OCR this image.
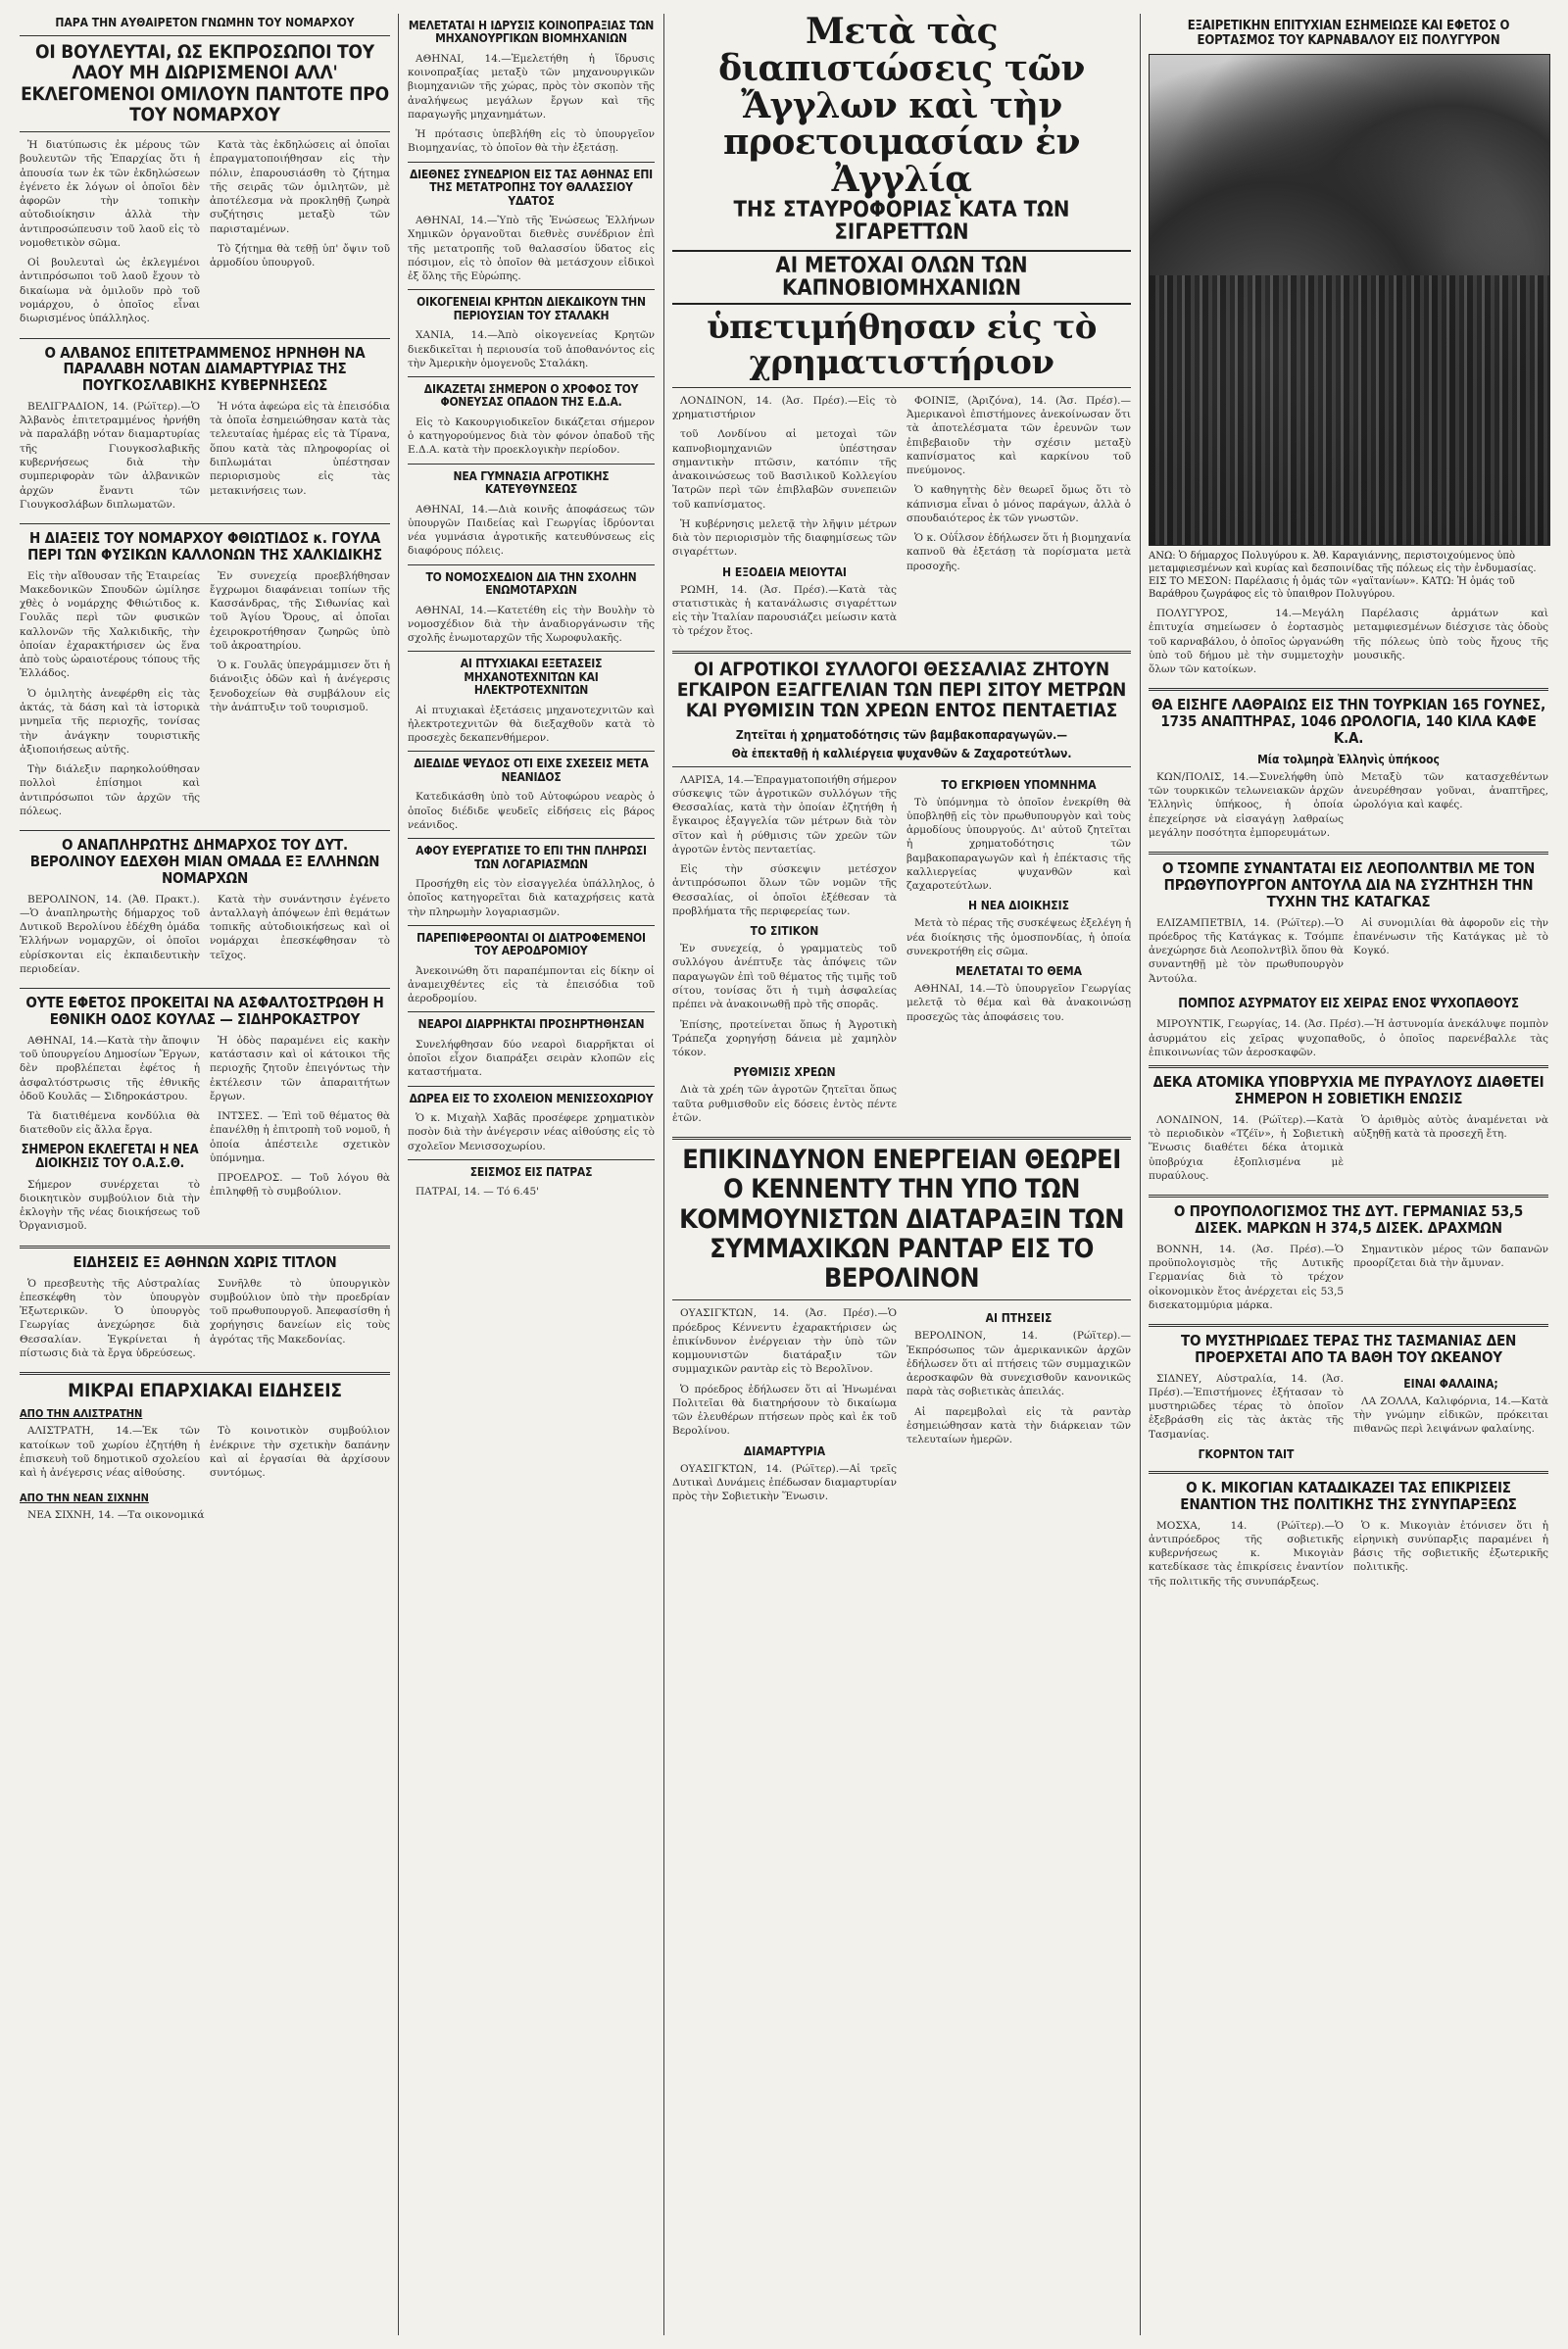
ΠΑΡΑ ΤΗΝ ΑΥΘΑΙΡΕΤΟΝ ΓΝΩΜΗΝ ΤΟΥ ΝΟΜΑΡΧΟΥ
ΟΙ ΒΟΥΛΕΥΤΑΙ, ΩΣ ΕΚΠΡΟΣΩΠΟΙ ΤΟΥ ΛΑΟΥ ΜΗ ΔΙΩΡΙΣΜΕΝΟΙ ΑΛΛ' ΕΚΛΕΓΟΜΕΝΟΙ ΟΜΙΛΟΥΝ ΠΑΝΤΟΤΕ ΠΡΟ ΤΟΥ ΝΟΜΑΡΧΟΥ

Ἡ διατύπωσις ἐκ μέρους τῶν βουλευτῶν τῆς Ἐπαρχίας ὅτι ἡ ἀπουσία των ἐκ τῶν ἐκδηλώσεων ἐγένετο ἐκ λόγων οἱ ὁποῖοι δὲν ἀφορῶν τὴν τοπικὴν αὐτοδιοίκησιν ἀλλὰ τὴν ἀντιπροσώπευσιν τοῦ λαοῦ εἰς τὸ νομοθετικὸν σῶμα.

Οἱ βουλευταὶ ὡς ἐκλεγμένοι ἀντιπρόσωποι τοῦ λαοῦ ἔχουν τὸ δικαίωμα νὰ ὁμιλοῦν πρὸ τοῦ νομάρχου, ὁ ὁποῖος εἶναι διωρισμένος ὑπάλληλος.

Κατὰ τὰς ἐκδηλώσεις αἱ ὁποῖαι ἐπραγματοποιήθησαν εἰς τὴν πόλιν, ἐπαρουσιάσθη τὸ ζήτημα τῆς σειρᾶς τῶν ὁμιλητῶν, μὲ ἀποτέλεσμα νὰ προκληθῇ ζωηρὰ συζήτησις μεταξὺ τῶν παρισταμένων.

Τὸ ζήτημα θὰ τεθῇ ὑπ' ὄψιν τοῦ ἁρμοδίου ὑπουργοῦ.

Ο ΑΛΒΑΝΟΣ ΕΠΙΤΕΤΡΑΜΜΕΝΟΣ ΗΡΝΗΘΗ ΝΑ ΠΑΡΑΛΑΒΗ ΝΟΤΑΝ ΔΙΑΜΑΡΤΥΡΙΑΣ ΤΗΣ ΠΟΥΓΚΟΣΛΑΒΙΚΗΣ ΚΥΒΕΡΝΗΣΕΩΣ

ΒΕΛΙΓΡΑΔΙΟΝ, 14. (Ρώϊτερ).—Ὁ Ἀλβανὸς ἐπιτετραμμένος ἠρνήθη νὰ παραλάβῃ νόταν διαμαρτυρίας τῆς Γιουγκοσλαβικῆς κυβερνήσεως διὰ τὴν συμπεριφορὰν τῶν ἀλβανικῶν ἀρχῶν ἔναντι τῶν Γιουγκοσλάβων διπλωματῶν.

Ἡ νότα ἀφεώρα εἰς τὰ ἐπεισόδια τὰ ὁποῖα ἐσημειώθησαν κατὰ τὰς τελευταίας ἡμέρας εἰς τὰ Τίρανα, ὅπου κατὰ τὰς πληροφορίας οἱ διπλωμάται ὑπέστησαν περιορισμοὺς εἰς τὰς μετακινήσεις των.

Η ΔΙΑΞΕΙΣ ΤΟΥ ΝΟΜΑΡΧΟΥ ΦΘΙΩΤΙΔΟΣ κ. ΓΟΥΛΑ ΠΕΡΙ ΤΩΝ ΦΥΣΙΚΩΝ ΚΑΛΛΟΝΩΝ ΤΗΣ ΧΑΛΚΙΔΙΚΗΣ

Εἰς τὴν αἴθουσαν τῆς Ἑταιρείας Μακεδονικῶν Σπουδῶν ὡμίλησε χθὲς ὁ νομάρχης Φθιώτιδος κ. Γουλᾶς περὶ τῶν φυσικῶν καλλονῶν τῆς Χαλκιδικῆς, τὴν ὁποίαν ἐχαρακτήρισεν ὡς ἕνα ἀπὸ τοὺς ὡραιοτέρους τόπους τῆς Ἑλλάδος.

Ὁ ὁμιλητὴς ἀνεφέρθη εἰς τὰς ἀκτάς, τὰ δάση καὶ τὰ ἱστορικὰ μνημεῖα τῆς περιοχῆς, τονίσας τὴν ἀνάγκην τουριστικῆς ἀξιοποιήσεως αὐτῆς.

Τὴν διάλεξιν παρηκολούθησαν πολλοὶ ἐπίσημοι καὶ ἀντιπρόσωποι τῶν ἀρχῶν τῆς πόλεως.

Ἐν συνεχείᾳ προεβλήθησαν ἔγχρωμοι διαφάνειαι τοπίων τῆς Κασσάνδρας, τῆς Σιθωνίας καὶ τοῦ Ἁγίου Ὄρους, αἱ ὁποῖαι ἐχειροκροτήθησαν ζωηρῶς ὑπὸ τοῦ ἀκροατηρίου.

Ὁ κ. Γουλᾶς ὑπεγράμμισεν ὅτι ἡ διάνοιξις ὁδῶν καὶ ἡ ἀνέγερσις ξενοδοχείων θὰ συμβάλουν εἰς τὴν ἀνάπτυξιν τοῦ τουρισμοῦ.

Ο ΑΝΑΠΛΗΡΩΤΗΣ ΔΗΜΑΡΧΟΣ ΤΟΥ ΔΥΤ. ΒΕΡΟΛΙΝΟΥ ΕΔΕΧΘΗ ΜΙΑΝ ΟΜΑΔΑ ΕΞ ΕΛΛΗΝΩΝ ΝΟΜΑΡΧΩΝ

ΒΕΡΟΛΙΝΟΝ, 14. (Ἀθ. Πρακτ.).—Ὁ ἀναπληρωτὴς δήμαρχος τοῦ Δυτικοῦ Βερολίνου ἐδέχθη ὁμάδα Ἑλλήνων νομαρχῶν, οἱ ὁποῖοι εὑρίσκονται εἰς ἐκπαιδευτικὴν περιοδείαν.

Κατὰ τὴν συνάντησιν ἐγένετο ἀνταλλαγὴ ἀπόψεων ἐπὶ θεμάτων τοπικῆς αὐτοδιοικήσεως καὶ οἱ νομάρχαι ἐπεσκέφθησαν τὸ τεῖχος.

ΟΥΤΕ ΕΦΕΤΟΣ ΠΡΟΚΕΙΤΑΙ ΝΑ ΑΣΦΑΛΤΟΣΤΡΩΘΗ Η ΕΘΝΙΚΗ ΟΔΟΣ ΚΟΥΛΑΣ — ΣΙΔΗΡΟΚΑΣΤΡΟΥ

ΑΘΗΝΑΙ, 14.—Κατὰ τὴν ἄποψιν τοῦ ὑπουργείου Δημοσίων Ἔργων, δὲν προβλέπεται ἐφέτος ἡ ἀσφαλτόστρωσις τῆς ἐθνικῆς ὁδοῦ Κουλᾶς — Σιδηροκάστρου.

Τὰ διατιθέμενα κονδύλια θὰ διατεθοῦν εἰς ἄλλα ἔργα.

ΣΗΜΕΡΟΝ ΕΚΛΕΓΕΤΑΙ Η ΝΕΑ ΔΙΟΙΚΗΣΙΣ ΤΟΥ Ο.Α.Σ.Θ.

Σήμερον συνέρχεται τὸ διοικητικὸν συμβούλιον διὰ τὴν ἐκλογὴν τῆς νέας διοικήσεως τοῦ Ὀργανισμοῦ.

Ἡ ὁδὸς παραμένει εἰς κακὴν κατάστασιν καὶ οἱ κάτοικοι τῆς περιοχῆς ζητοῦν ἐπειγόντως τὴν ἐκτέλεσιν τῶν ἀπαραιτήτων ἔργων.

ΙΝΤΣΕΣ. — Ἐπὶ τοῦ θέματος θὰ ἐπανέλθῃ ἡ ἐπιτροπὴ τοῦ νομοῦ, ἡ ὁποία ἀπέστειλε σχετικὸν ὑπόμνημα.

ΠΡΟΕΔΡΟΣ. — Τοῦ λόγου θὰ ἐπιληφθῇ τὸ συμβούλιον.

ΕΙΔΗΣΕΙΣ ΕΞ ΑΘΗΝΩΝ ΧΩΡΙΣ ΤΙΤΛΟΝ

Ὁ πρεσβευτὴς τῆς Αὐστραλίας ἐπεσκέφθη τὸν ὑπουργὸν Ἐξωτερικῶν. Ὁ ὑπουργὸς Γεωργίας ἀνεχώρησε διὰ Θεσσαλίαν. Ἐγκρίνεται ἡ πίστωσις διὰ τὰ ἔργα ὑδρεύσεως.

Συνῆλθε τὸ ὑπουργικὸν συμβούλιον ὑπὸ τὴν προεδρίαν τοῦ πρωθυπουργοῦ. Ἀπεφασίσθη ἡ χορήγησις δανείων εἰς τοὺς ἀγρότας τῆς Μακεδονίας.

ΜΙΚΡΑΙ ΕΠΑΡΧΙΑΚΑΙ ΕΙΔΗΣΕΙΣ
ΑΠΟ ΤΗΝ ΑΛΙΣΤΡΑΤΗΝ

ΑΛΙΣΤΡΑΤΗ, 14.—Ἐκ τῶν κατοίκων τοῦ χωρίου ἐζητήθη ἡ ἐπισκευὴ τοῦ δημοτικοῦ σχολείου καὶ ἡ ἀνέγερσις νέας αἰθούσης.

Τὸ κοινοτικὸν συμβούλιον ἐνέκρινε τὴν σχετικὴν δαπάνην καὶ αἱ ἐργασίαι θὰ ἀρχίσουν συντόμως.

ΑΠΟ ΤΗΝ ΝΕΑΝ ΣΙΧΝΗΝ

ΝΕΑ ΣΙΧΝΗ, 14. —Τα οικονομικά

ΜΕΛΕΤΑΤΑΙ Η ΙΔΡΥΣΙΣ ΚΟΙΝΟΠΡΑΞΙΑΣ ΤΩΝ ΜΗΧΑΝΟΥΡΓΙΚΩΝ ΒΙΟΜΗΧΑΝΙΩΝ

ΑΘΗΝΑΙ, 14.—Ἐμελετήθη ἡ ἵδρυσις κοινοπραξίας μεταξὺ τῶν μηχανουργικῶν βιομηχανιῶν τῆς χώρας, πρὸς τὸν σκοπὸν τῆς ἀναλήψεως μεγάλων ἔργων καὶ τῆς παραγωγῆς μηχανημάτων.

Ἡ πρότασις ὑπεβλήθη εἰς τὸ ὑπουργεῖον Βιομηχανίας, τὸ ὁποῖον θὰ τὴν ἐξετάσῃ.

ΔΙΕΘΝΕΣ ΣΥΝΕΔΡΙΟΝ ΕΙΣ ΤΑΣ ΑΘΗΝΑΣ ΕΠΙ ΤΗΣ ΜΕΤΑΤΡΟΠΗΣ ΤΟΥ ΘΑΛΑΣΣΙΟΥ ΥΔΑΤΟΣ

ΑΘΗΝΑΙ, 14.—Ὑπὸ τῆς Ἑνώσεως Ἑλλήνων Χημικῶν ὀργανοῦται διεθνὲς συνέδριον ἐπὶ τῆς μετατροπῆς τοῦ θαλασσίου ὕδατος εἰς πόσιμον, εἰς τὸ ὁποῖον θὰ μετάσχουν εἰδικοὶ ἐξ ὅλης τῆς Εὐρώπης.

ΟΙΚΟΓΕΝΕΙΑΙ ΚΡΗΤΩΝ ΔΙΕΚΔΙΚΟΥΝ ΤΗΝ ΠΕΡΙΟΥΣΙΑΝ ΤΟΥ ΣΤΑΛΑΚΗ

ΧΑΝΙΑ, 14.—Ἀπὸ οἰκογενείας Κρητῶν διεκδικεῖται ἡ περιουσία τοῦ ἀποθανόντος εἰς τὴν Ἀμερικὴν ὁμογενοῦς Σταλάκη.

ΔΙΚΑΖΕΤΑΙ ΣΗΜΕΡΟΝ Ο ΧΡΟΦΟΣ ΤΟΥ ΦΟΝΕΥΣΑΣ ΟΠΑΔΟΝ ΤΗΣ Ε.Δ.Α.

Εἰς τὸ Κακουργιοδικεῖον δικάζεται σήμερον ὁ κατηγορούμενος διὰ τὸν φόνον ὀπαδοῦ τῆς Ε.Δ.Α. κατὰ τὴν προεκλογικὴν περίοδον.

ΝΕΑ ΓΥΜΝΑΣΙΑ ΑΓΡΟΤΙΚΗΣ ΚΑΤΕΥΘΥΝΣΕΩΣ

ΑΘΗΝΑΙ, 14.—Διὰ κοινῆς ἀποφάσεως τῶν ὑπουργῶν Παιδείας καὶ Γεωργίας ἱδρύονται νέα γυμνάσια ἀγροτικῆς κατευθύνσεως εἰς διαφόρους πόλεις.

ΤΟ ΝΟΜΟΣΧΕΔΙΟΝ ΔΙΑ ΤΗΝ ΣΧΟΛΗΝ ΕΝΩΜΟΤΑΡΧΩΝ

ΑΘΗΝΑΙ, 14.—Κατετέθη εἰς τὴν Βουλὴν τὸ νομοσχέδιον διὰ τὴν ἀναδιοργάνωσιν τῆς σχολῆς ἐνωμοταρχῶν τῆς Χωροφυλακῆς.

ΑΙ ΠΤΥΧΙΑΚΑΙ ΕΞΕΤΑΣΕΙΣ ΜΗΧΑΝΟΤΕΧΝΙΤΩΝ ΚΑΙ ΗΛΕΚΤΡΟΤΕΧΝΙΤΩΝ

Αἱ πτυχιακαὶ ἐξετάσεις μηχανοτεχνιτῶν καὶ ἠλεκτροτεχνιτῶν θὰ διεξαχθοῦν κατὰ τὸ προσεχὲς δεκαπενθήμερον.

ΔΙΕΔΙΔΕ ΨΕΥΔΟΣ ΟΤΙ ΕΙΧΕ ΣΧΕΣΕΙΣ ΜΕΤΑ ΝΕΑΝΙΔΟΣ

Κατεδικάσθη ὑπὸ τοῦ Αὐτοφώρου νεαρὸς ὁ ὁποῖος διέδιδε ψευδεῖς εἰδήσεις εἰς βάρος νεάνιδος.

ΑΦΟΥ ΕΥΕΡΓΑΤΙΣΕ ΤΟ ΕΠΙ ΤΗΝ ΠΛΗΡΩΣΙ ΤΩΝ ΛΟΓΑΡΙΑΣΜΩΝ

Προσήχθη εἰς τὸν εἰσαγγελέα ὑπάλληλος, ὁ ὁποῖος κατηγορεῖται διὰ καταχρήσεις κατὰ τὴν πληρωμὴν λογαριασμῶν.

ΠΑΡΕΠΙΦΕΡΘΟΝΤΑΙ ΟΙ ΔΙΑΤΡΟΦΕΜΕΝΟΙ ΤΟΥ ΑΕΡΟΔΡΟΜΙΟΥ

Ἀνεκοινώθη ὅτι παραπέμπονται εἰς δίκην οἱ ἀναμειχθέντες εἰς τὰ ἐπεισόδια τοῦ ἀεροδρομίου.

ΝΕΑΡΟΙ ΔΙΑΡΡΗΚΤΑΙ ΠΡΟΣΗΡΤΗΘΗΣΑΝ

Συνελήφθησαν δύο νεαροὶ διαρρῆκται οἱ ὁποῖοι εἶχον διαπράξει σειρὰν κλοπῶν εἰς καταστήματα.

ΔΩΡΕΑ ΕΙΣ ΤΟ ΣΧΟΛΕΙΟΝ ΜΕΝΙΣΣΟΧΩΡΙΟΥ

Ὁ κ. Μιχαὴλ Χαβᾶς προσέφερε χρηματικὸν ποσὸν διὰ τὴν ἀνέγερσιν νέας αἰθούσης εἰς τὸ σχολεῖον Μενισσοχωρίου.

ΣΕΙΣΜΟΣ ΕΙΣ ΠΑΤΡΑΣ

ΠΑΤΡΑΙ, 14. — Τό 6.45'

Μετὰ τὰς διαπιστώσεις τῶν Ἄγγλων καὶ τὴν προετοιμασίαν ἐν Ἀγγλίᾳ
ΤΗΣ ΣΤΑΥΡΟΦΟΡΙΑΣ ΚΑΤΑ ΤΩΝ ΣΙΓΑΡΕΤΤΩΝ
ΑΙ ΜΕΤΟΧΑΙ ΟΛΩΝ ΤΩΝ ΚΑΠΝΟΒΙΟΜΗΧΑΝΙΩΝ
ὑπετιμήθησαν εἰς τὸ χρηματιστήριον

ΛΟΝΔΙΝΟΝ, 14. (Ἀσ. Πρέσ).—Εἰς τὸ χρηματιστήριον

τοῦ Λονδίνου αἱ μετοχαὶ τῶν καπνοβιομηχανιῶν ὑπέστησαν σημαντικὴν πτῶσιν, κατόπιν τῆς ἀνακοινώσεως τοῦ Βασιλικοῦ Κολλεγίου Ἰατρῶν περὶ τῶν ἐπιβλαβῶν συνεπειῶν τοῦ καπνίσματος.

Ἡ κυβέρνησις μελετᾷ τὴν λῆψιν μέτρων διὰ τὸν περιορισμὸν τῆς διαφημίσεως τῶν σιγαρέττων.

Η ΕΞΟΔΕΙΑ ΜΕΙΟΥΤΑΙ

ΡΩΜΗ, 14. (Ἀσ. Πρέσ).—Κατὰ τὰς στατιστικὰς ἡ κατανάλωσις σιγαρέττων εἰς τὴν Ἰταλίαν παρουσιάζει μείωσιν κατὰ τὸ τρέχον ἔτος.

ΦΟΙΝΙΞ, (Ἀριζόνα), 14. (Ἀσ. Πρέσ).—Ἀμερικανοὶ ἐπιστήμονες ἀνεκοίνωσαν ὅτι τὰ ἀποτελέσματα τῶν ἐρευνῶν των ἐπιβεβαιοῦν τὴν σχέσιν μεταξὺ καπνίσματος καὶ καρκίνου τοῦ πνεύμονος.

Ὁ καθηγητὴς δὲν θεωρεῖ ὅμως ὅτι τὸ κάπνισμα εἶναι ὁ μόνος παράγων, ἀλλὰ ὁ σπουδαιότερος ἐκ τῶν γνωστῶν.

Ὁ κ. Οὐΐλσον ἐδήλωσεν ὅτι ἡ βιομηχανία καπνοῦ θὰ ἐξετάσῃ τὰ πορίσματα μετὰ προσοχῆς.

ΟΙ ΑΓΡΟΤΙΚΟΙ ΣΥΛΛΟΓΟΙ ΘΕΣΣΑΛΙΑΣ ΖΗΤΟΥΝ ΕΓΚΑΙΡΟΝ ΕΞΑΓΓΕΛΙΑΝ ΤΩΝ ΠΕΡΙ ΣΙΤΟΥ ΜΕΤΡΩΝ ΚΑΙ ΡΥΘΜΙΣΙΝ ΤΩΝ ΧΡΕΩΝ ΕΝΤΟΣ ΠΕΝΤΑΕΤΙΑΣ
Ζητεῖται ἡ χρηματοδότησις τῶν βαμβακοπαραγωγῶν.—
Θὰ ἐπεκταθῇ ἡ καλλιέργεια ψυχανθῶν & Ζαχαροτεύτλων.

ΛΑΡΙΣΑ, 14.—Ἐπραγματοποιήθη σήμερον σύσκεψις τῶν ἀγροτικῶν συλλόγων τῆς Θεσσαλίας, κατὰ τὴν ὁποίαν ἐζητήθη ἡ ἔγκαιρος ἐξαγγελία τῶν μέτρων διὰ τὸν σῖτον καὶ ἡ ρύθμισις τῶν χρεῶν τῶν ἀγροτῶν ἐντὸς πενταετίας.

Εἰς τὴν σύσκεψιν μετέσχον ἀντιπρόσωποι ὅλων τῶν νομῶν τῆς Θεσσαλίας, οἱ ὁποῖοι ἐξέθεσαν τὰ προβλήματα τῆς περιφερείας των.

ΤΟ ΣΙΤΙΚΟΝ

Ἐν συνεχείᾳ, ὁ γραμματεὺς τοῦ συλλόγου ἀνέπτυξε τὰς ἀπόψεις τῶν παραγωγῶν ἐπὶ τοῦ θέματος τῆς τιμῆς τοῦ σίτου, τονίσας ὅτι ἡ τιμὴ ἀσφαλείας πρέπει νὰ ἀνακοινωθῇ πρὸ τῆς σπορᾶς.

Ἐπίσης, προτείνεται ὅπως ἡ Ἀγροτικὴ Τράπεζα χορηγήσῃ δάνεια μὲ χαμηλὸν τόκον.

ΡΥΘΜΙΣΙΣ ΧΡΕΩΝ

Διὰ τὰ χρέη τῶν ἀγροτῶν ζητεῖται ὅπως ταῦτα ρυθμισθοῦν εἰς δόσεις ἐντὸς πέντε ἐτῶν.

ΤΟ ΕΓΚΡΙΘΕΝ ΥΠΟΜΝΗΜΑ

Τὸ ὑπόμνημα τὸ ὁποῖον ἐνεκρίθη θὰ ὑποβληθῇ εἰς τὸν πρωθυπουργὸν καὶ τοὺς ἁρμοδίους ὑπουργούς. Δι' αὐτοῦ ζητεῖται ἡ χρηματοδότησις τῶν βαμβακοπαραγωγῶν καὶ ἡ ἐπέκτασις τῆς καλλιεργείας ψυχανθῶν καὶ ζαχαροτεύτλων.

Η ΝΕΑ ΔΙΟΙΚΗΣΙΣ

Μετὰ τὸ πέρας τῆς συσκέψεως ἐξελέγη ἡ νέα διοίκησις τῆς ὁμοσπονδίας, ἡ ὁποία συνεκροτήθη εἰς σῶμα.

ΜΕΛΕΤΑΤΑΙ ΤΟ ΘΕΜΑ

ΑΘΗΝΑΙ, 14.—Τὸ ὑπουργεῖον Γεωργίας μελετᾷ τὸ θέμα καὶ θὰ ἀνακοινώσῃ προσεχῶς τὰς ἀποφάσεις του.

ΕΠΙΚΙΝΔΥΝΟΝ ΕΝΕΡΓΕΙΑΝ ΘΕΩΡΕΙ Ο ΚΕΝΝΕΝΤΥ ΤΗΝ ΥΠΟ ΤΩΝ ΚΟΜΜΟΥΝΙΣΤΩΝ ΔΙΑΤΑΡΑΞΙΝ ΤΩΝ ΣΥΜΜΑΧΙΚΩΝ ΡΑΝΤΑΡ ΕΙΣ ΤΟ ΒΕΡΟΛΙΝΟΝ

ΟΥΑΣΙΓΚΤΩΝ, 14. (Ἀσ. Πρέσ).—Ὁ πρόεδρος Κέννεντυ ἐχαρακτήρισεν ὡς ἐπικίνδυνον ἐνέργειαν τὴν ὑπὸ τῶν κομμουνιστῶν διατάραξιν τῶν συμμαχικῶν ραντὰρ εἰς τὸ Βερολῖνον.

Ὁ πρόεδρος ἐδήλωσεν ὅτι αἱ Ἡνωμέναι Πολιτεῖαι θὰ διατηρήσουν τὸ δικαίωμα τῶν ἐλευθέρων πτήσεων πρὸς καὶ ἐκ τοῦ Βερολίνου.

ΔΙΑΜΑΡΤΥΡΙΑ

ΟΥΑΣΙΓΚΤΩΝ, 14. (Ρώϊτερ).—Αἱ τρεῖς Δυτικαὶ Δυνάμεις ἐπέδωσαν διαμαρτυρίαν πρὸς τὴν Σοβιετικὴν Ἕνωσιν.

ΑΙ ΠΤΗΣΕΙΣ

ΒΕΡΟΛΙΝΟΝ, 14. (Ρώϊτερ).—Ἐκπρόσωπος τῶν ἀμερικανικῶν ἀρχῶν ἐδήλωσεν ὅτι αἱ πτήσεις τῶν συμμαχικῶν ἀεροσκαφῶν θὰ συνεχισθοῦν κανονικῶς παρὰ τὰς σοβιετικὰς ἀπειλάς.

Αἱ παρεμβολαὶ εἰς τὰ ραντὰρ ἐσημειώθησαν κατὰ τὴν διάρκειαν τῶν τελευταίων ἡμερῶν.

ΕΞΑΙΡΕΤΙΚΗΝ ΕΠΙΤΥΧΙΑΝ ΕΣΗΜΕΙΩΣΕ ΚΑΙ ΕΦΕΤΟΣ Ο ΕΟΡΤΑΣΜΟΣ ΤΟΥ ΚΑΡΝΑΒΑΛΟΥ ΕΙΣ ΠΟΛΥΓΥΡΟΝ

ΑΝΩ: Ὁ δήμαρχος Πολυγύρου κ. Ἀθ. Καραγιάννης, περιστοιχούμενος ὑπὸ μεταμφιεσμένων καὶ κυρίας καὶ δεσποινίδας τῆς πόλεως εἰς τὴν ἐνδυμασίας. ΕΙΣ ΤΟ ΜΕΣΟΝ: Παρέλασις ἡ ὁμάς τῶν «γαϊτανίων». ΚΑΤΩ: Ἡ ὁμάς τοῦ Βαράθρου ζωγράφος εἰς τὸ ὑπαιθρον Πολυγύρου.

ΠΟΛΥΓΥΡΟΣ, 14.—Μεγάλη ἐπιτυχία σημείωσεν ὁ ἐορτασμὸς τοῦ καρναβάλου, ὁ ὁποῖος ὠργανώθη ὑπὸ τοῦ δήμου μὲ τὴν συμμετοχὴν ὅλων τῶν κατοίκων.

Παρέλασις ἁρμάτων καὶ μεταμφιεσμένων διέσχισε τὰς ὁδοὺς τῆς πόλεως ὑπὸ τοὺς ἤχους τῆς μουσικῆς.

ΘΑ ΕΙΣΗΓΕ ΛΑΘΡΑΙΩΣ ΕΙΣ ΤΗΝ ΤΟΥΡΚΙΑΝ 165 ΓΟΥΝΕΣ, 1735 ΑΝΑΠΤΗΡΑΣ, 1046 ΩΡΟΛΟΓΙΑ, 140 ΚΙΛΑ ΚΑΦΕ Κ.Α.
Μία τολμηρὰ Ἑλληνὶς ὑπήκοος

ΚΩΝ/ΠΟΛΙΣ, 14.—Συνελήφθη ὑπὸ τῶν τουρκικῶν τελωνειακῶν ἀρχῶν Ἑλληνὶς ὑπήκοος, ἡ ὁποία ἐπεχείρησε νὰ εἰσαγάγῃ λαθραίως μεγάλην ποσότητα ἐμπορευμάτων.

Μεταξὺ τῶν κατασχεθέντων ἀνευρέθησαν γοῦναι, ἀναπτῆρες, ὡρολόγια καὶ καφές.

Ο ΤΣΟΜΠΕ ΣΥΝΑΝΤΑΤΑΙ ΕΙΣ ΛΕΟΠΟΛΝΤΒΙΛ ΜΕ ΤΟΝ ΠΡΩΘΥΠΟΥΡΓΟΝ ΑΝΤΟΥΛΑ ΔΙΑ ΝΑ ΣΥΖΗΤΗΣΗ ΤΗΝ ΤΥΧΗΝ ΤΗΣ ΚΑΤΑΓΚΑΣ

ΕΛΙΖΑΜΠΕΤΒΙΛ, 14. (Ρώϊτερ).—Ὁ πρόεδρος τῆς Κατάγκας κ. Τσόμπε ἀνεχώρησε διὰ Λεοπολντβὶλ ὅπου θὰ συναντηθῇ μὲ τὸν πρωθυπουργὸν Ἀντούλα.

Αἱ συνομιλίαι θὰ ἀφοροῦν εἰς τὴν ἐπανένωσιν τῆς Κατάγκας μὲ τὸ Κογκό.

ΠΟΜΠΟΣ ΑΣΥΡΜΑΤΟΥ ΕΙΣ ΧΕΙΡΑΣ ΕΝΟΣ ΨΥΧΟΠΑΘΟΥΣ

ΜΙΡΟΥΝΤΙΚ, Γεωργίας, 14. (Ἀσ. Πρέσ).—Ἡ ἀστυνομία ἀνεκάλυψε πομπὸν ἀσυρμάτου εἰς χεῖρας ψυχοπαθοῦς, ὁ ὁποῖος παρενέβαλλε τὰς ἐπικοινωνίας τῶν ἀεροσκαφῶν.

ΔΕΚΑ ΑΤΟΜΙΚΑ ΥΠΟΒΡΥΧΙΑ ΜΕ ΠΥΡΑΥΛΟΥΣ ΔΙΑΘΕΤΕΙ ΣΗΜΕΡΟΝ Η ΣΟΒΙΕΤΙΚΗ ΕΝΩΣΙΣ

ΛΟΝΔΙΝΟΝ, 14. (Ρώϊτερ).—Κατὰ τὸ περιοδικὸν «Τζέϊν», ἡ Σοβιετικὴ Ἕνωσις διαθέτει δέκα ἀτομικὰ ὑποβρύχια ἐξοπλισμένα μὲ πυραύλους.

Ὁ ἀριθμὸς αὐτὸς ἀναμένεται νὰ αὐξηθῇ κατὰ τὰ προσεχῆ ἔτη.

Ο ΠΡΟΥΠΟΛΟΓΙΣΜΟΣ ΤΗΣ ΔΥΤ. ΓΕΡΜΑΝΙΑΣ 53,5 ΔΙΣΕΚ. ΜΑΡΚΩΝ Η 374,5 ΔΙΣΕΚ. ΔΡΑΧΜΩΝ

ΒΟΝΝΗ, 14. (Ἀσ. Πρέσ).—Ὁ προϋπολογισμὸς τῆς Δυτικῆς Γερμανίας διὰ τὸ τρέχον οἰκονομικὸν ἔτος ἀνέρχεται εἰς 53,5 δισεκατομμύρια μάρκα.

Σημαντικὸν μέρος τῶν δαπανῶν προορίζεται διὰ τὴν ἄμυναν.

ΤΟ ΜΥΣΤΗΡΙΩΔΕΣ ΤΕΡΑΣ ΤΗΣ ΤΑΣΜΑΝΙΑΣ ΔΕΝ ΠΡΟΕΡΧΕΤΑΙ ΑΠΟ ΤΑ ΒΑΘΗ ΤΟΥ ΩΚΕΑΝΟΥ

ΣΙΔΝΕΥ, Αὐστραλία, 14. (Ἀσ. Πρέσ).—Ἐπιστήμονες ἐξήτασαν τὸ μυστηριῶδες τέρας τὸ ὁποῖον ἐξεβράσθη εἰς τὰς ἀκτὰς τῆς Τασμανίας.

ΓΚΟΡΝΤΟΝ ΤΑΙΤ
ΕΙΝΑΙ ΦΑΛΑΙΝΑ;

ΛΑ ΖΟΛΛΑ, Καλιφόρνια, 14.—Κατὰ τὴν γνώμην εἰδικῶν, πρόκειται πιθανῶς περὶ λειψάνων φαλαίνης.

Ο Κ. ΜΙΚΟΓΙΑΝ ΚΑΤΑΔΙΚΑΖΕΙ ΤΑΣ ΕΠΙΚΡΙΣΕΙΣ ΕΝΑΝΤΙΟΝ ΤΗΣ ΠΟΛΙΤΙΚΗΣ ΤΗΣ ΣΥΝΥΠΑΡΞΕΩΣ

ΜΟΣΧΑ, 14. (Ρώϊτερ).—Ὁ ἀντιπρόεδρος τῆς σοβιετικῆς κυβερνήσεως κ. Μικογιὰν κατεδίκασε τὰς ἐπικρίσεις ἐναντίον τῆς πολιτικῆς τῆς συνυπάρξεως.

Ὁ κ. Μικογιὰν ἐτόνισεν ὅτι ἡ εἰρηνικὴ συνύπαρξις παραμένει ἡ βάσις τῆς σοβιετικῆς ἐξωτερικῆς πολιτικῆς.
